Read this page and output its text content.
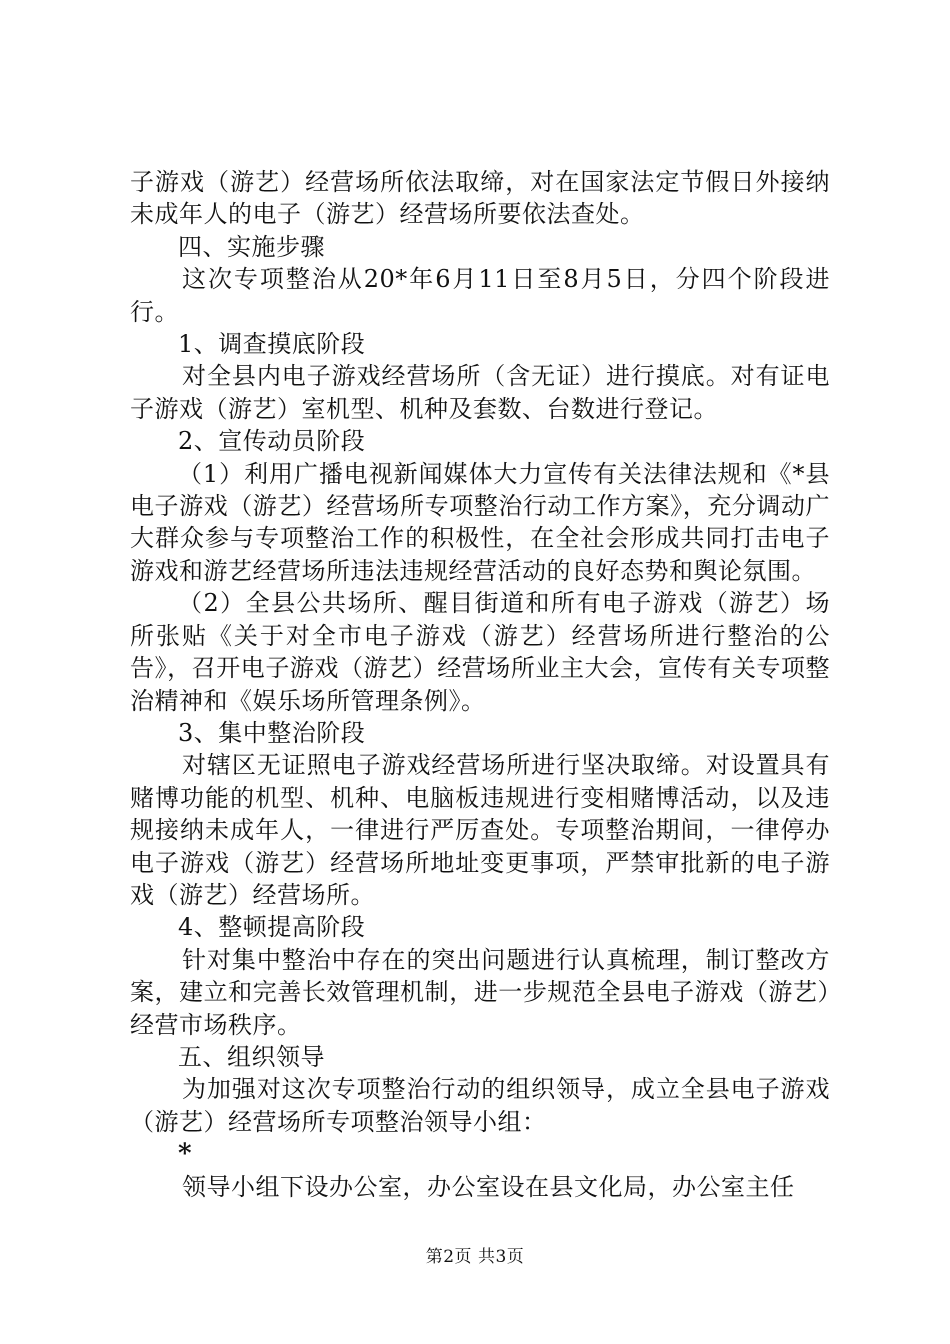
子游戏（游艺）经营场所依法取缔，对在国家法定节假日外接纳未成年人的电子（游艺）经营场所要依法查处。

四、实施步骤

这次专项整治从20*年6月11日至8月5日，分四个阶段进行。

1、调查摸底阶段

对全县内电子游戏经营场所（含无证）进行摸底。对有证电子游戏（游艺）室机型、机种及套数、台数进行登记。

2、宣传动员阶段

（1）利用广播电视新闻媒体大力宣传有关法律法规和《*县电子游戏（游艺）经营场所专项整治行动工作方案》，充分调动广大群众参与专项整治工作的积极性，在全社会形成共同打击电子游戏和游艺经营场所违法违规经营活动的良好态势和舆论氛围。

（2）全县公共场所、醒目街道和所有电子游戏（游艺）场所张贴《关于对全市电子游戏（游艺）经营场所进行整治的公告》，召开电子游戏（游艺）经营场所业主大会，宣传有关专项整治精神和《娱乐场所管理条例》。

3、集中整治阶段

对辖区无证照电子游戏经营场所进行坚决取缔。对设置具有赌博功能的机型、机种、电脑板违规进行变相赌博活动，以及违规接纳未成年人，一律进行严厉查处。专项整治期间，一律停办电子游戏（游艺）经营场所地址变更事项，严禁审批新的电子游戏（游艺）经营场所。

4、整顿提高阶段

针对集中整治中存在的突出问题进行认真梳理，制订整改方案，建立和完善长效管理机制，进一步规范全县电子游戏（游艺）经营市场秩序。

五、组织领导

为加强对这次专项整治行动的组织领导，成立全县电子游戏（游艺）经营场所专项整治领导小组：

*

领导小组下设办公室，办公室设在县文化局，办公室主任

第2页 共3页
